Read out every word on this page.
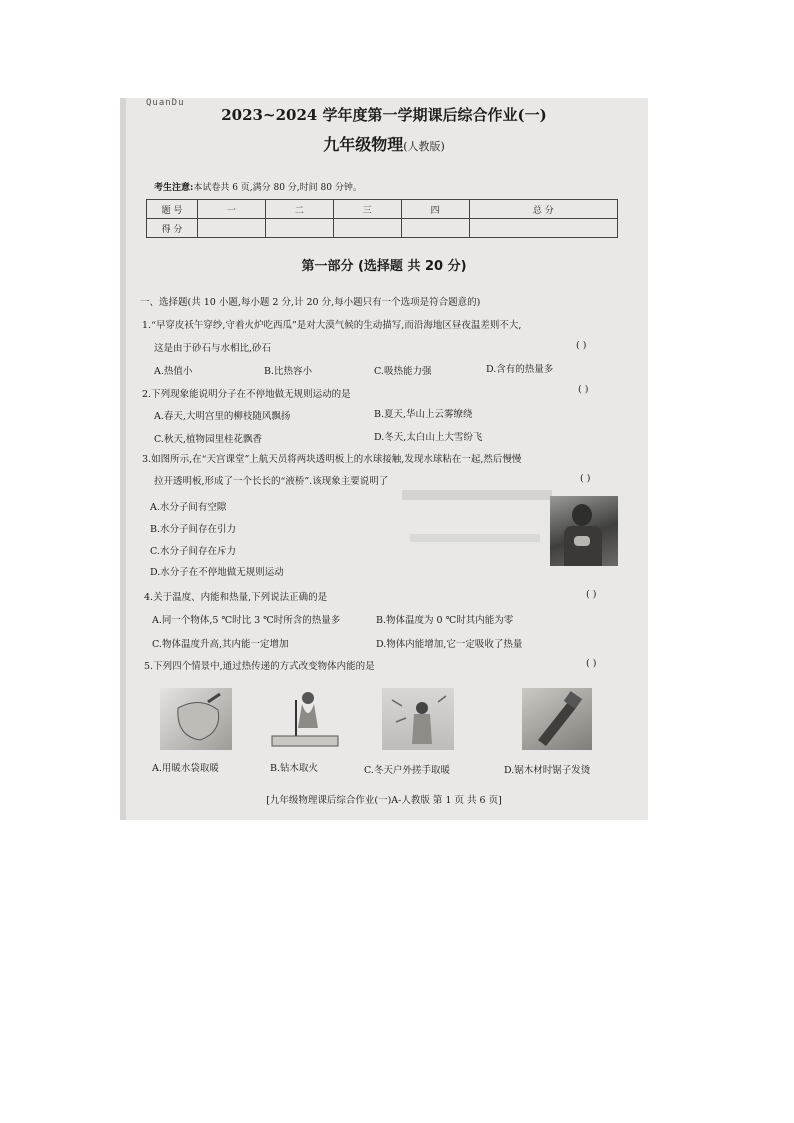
QuanDu
2023~2024 学年度第一学期课后综合作业(一)
九年级物理(人教版)
考生注意:本试卷共 6 页,满分 80 分,时间 80 分钟。
题 号	一	二	三	四	总 分
得 分					
第一部分 (选择题 共 20 分)
一、选择题(共 10 小题,每小题 2 分,计 20 分,每小题只有一个选项是符合题意的)
1.“早穿皮袄午穿纱,守着火炉吃西瓜”是对大漠气候的生动描写,而沿海地区昼夜温差则不大,
这是由于砂石与水相比,砂石	( )
A.热值小	B.比热容小	C.吸热能力强	D.含有的热量多
2.下列现象能说明分子在不停地做无规则运动的是	( )
A.春天,大明宫里的柳枝随风飘扬	B.夏天,华山上云雾缭绕
C.秋天,植物园里桂花飘香	D.冬天,太白山上大雪纷飞
3.如图所示,在“天宫课堂”上航天员将两块透明板上的水球接触,发现水球粘在一起,然后慢慢
拉开透明板,形成了一个长长的“液桥”.该现象主要说明了	( )
A.水分子间有空隙
B.水分子间存在引力
C.水分子间存在斥力
D.水分子在不停地做无规则运动
4.关于温度、内能和热量,下列说法正确的是	( )
A.同一个物体,5 ℃时比 3 ℃时所含的热量多	B.物体温度为 0 ℃时其内能为零
C.物体温度升高,其内能一定增加	D.物体内能增加,它一定吸收了热量
5.下列四个情景中,通过热传递的方式改变物体内能的是	( )
A.用暖水袋取暖	B.钻木取火	C.冬天户外搓手取暖	D.锯木材时锯子发烫
[九年级物理课后综合作业(一)A-人教版 第 1 页 共 6 页]
